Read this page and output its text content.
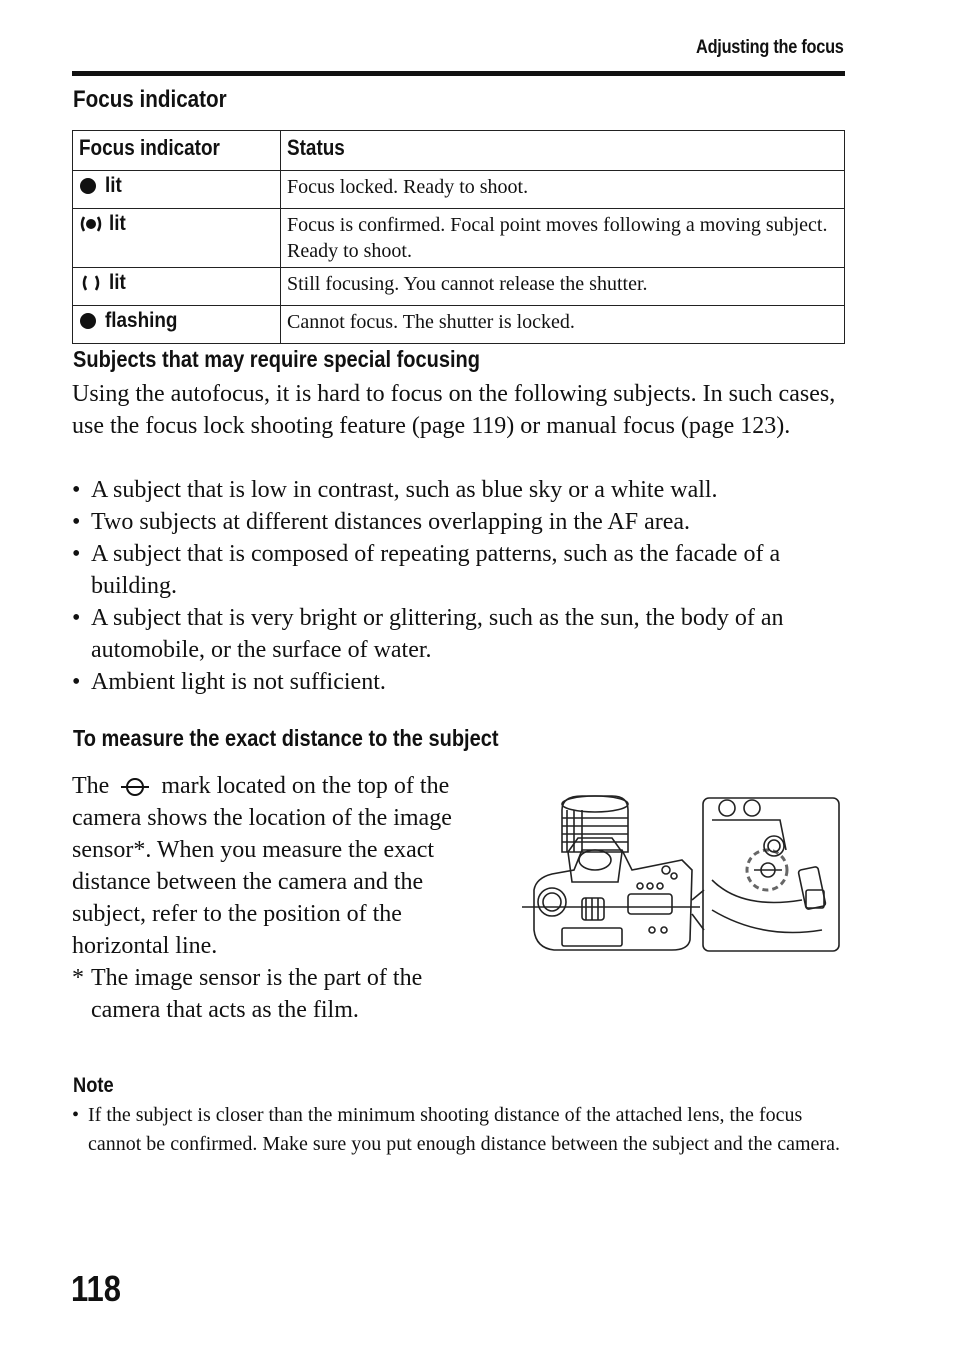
Adjusting the focus
Focus indicator
Focus indicator	Status
lit	Focus locked. Ready to shoot.

lit	Focus is confirmed. Focal point moves following a moving subject. Ready to shoot.

lit	Still focusing. You cannot release the shutter.

flashing	Cannot focus. The shutter is locked.
Subjects that may require special focusing

Using the autofocus, it is hard to focus on the following subjects. In such cases, use the focus lock shooting feature (page 119) or manual focus (page 123).

• A subject that is low in contrast, such as blue sky or a white wall.
• Two subjects at different distances overlapping in the AF area.
• A subject that is composed of repeating patterns, such as the facade of a building.
• A subject that is very bright or glittering, such as the sun, the body of an automobile, or the surface of water.
• Ambient light is not sufficient.
To measure the exact distance to the subject

The mark located on the top of the camera shows the location of the image sensor*. When you measure the exact distance between the camera and the subject, refer to the position of the horizontal line.

* The image sensor is the part of the camera that acts as the film.

Note

• If the subject is closer than the minimum shooting distance of the attached lens, the focus cannot be confirmed. Make sure you put enough distance between the subject and the camera.

118
